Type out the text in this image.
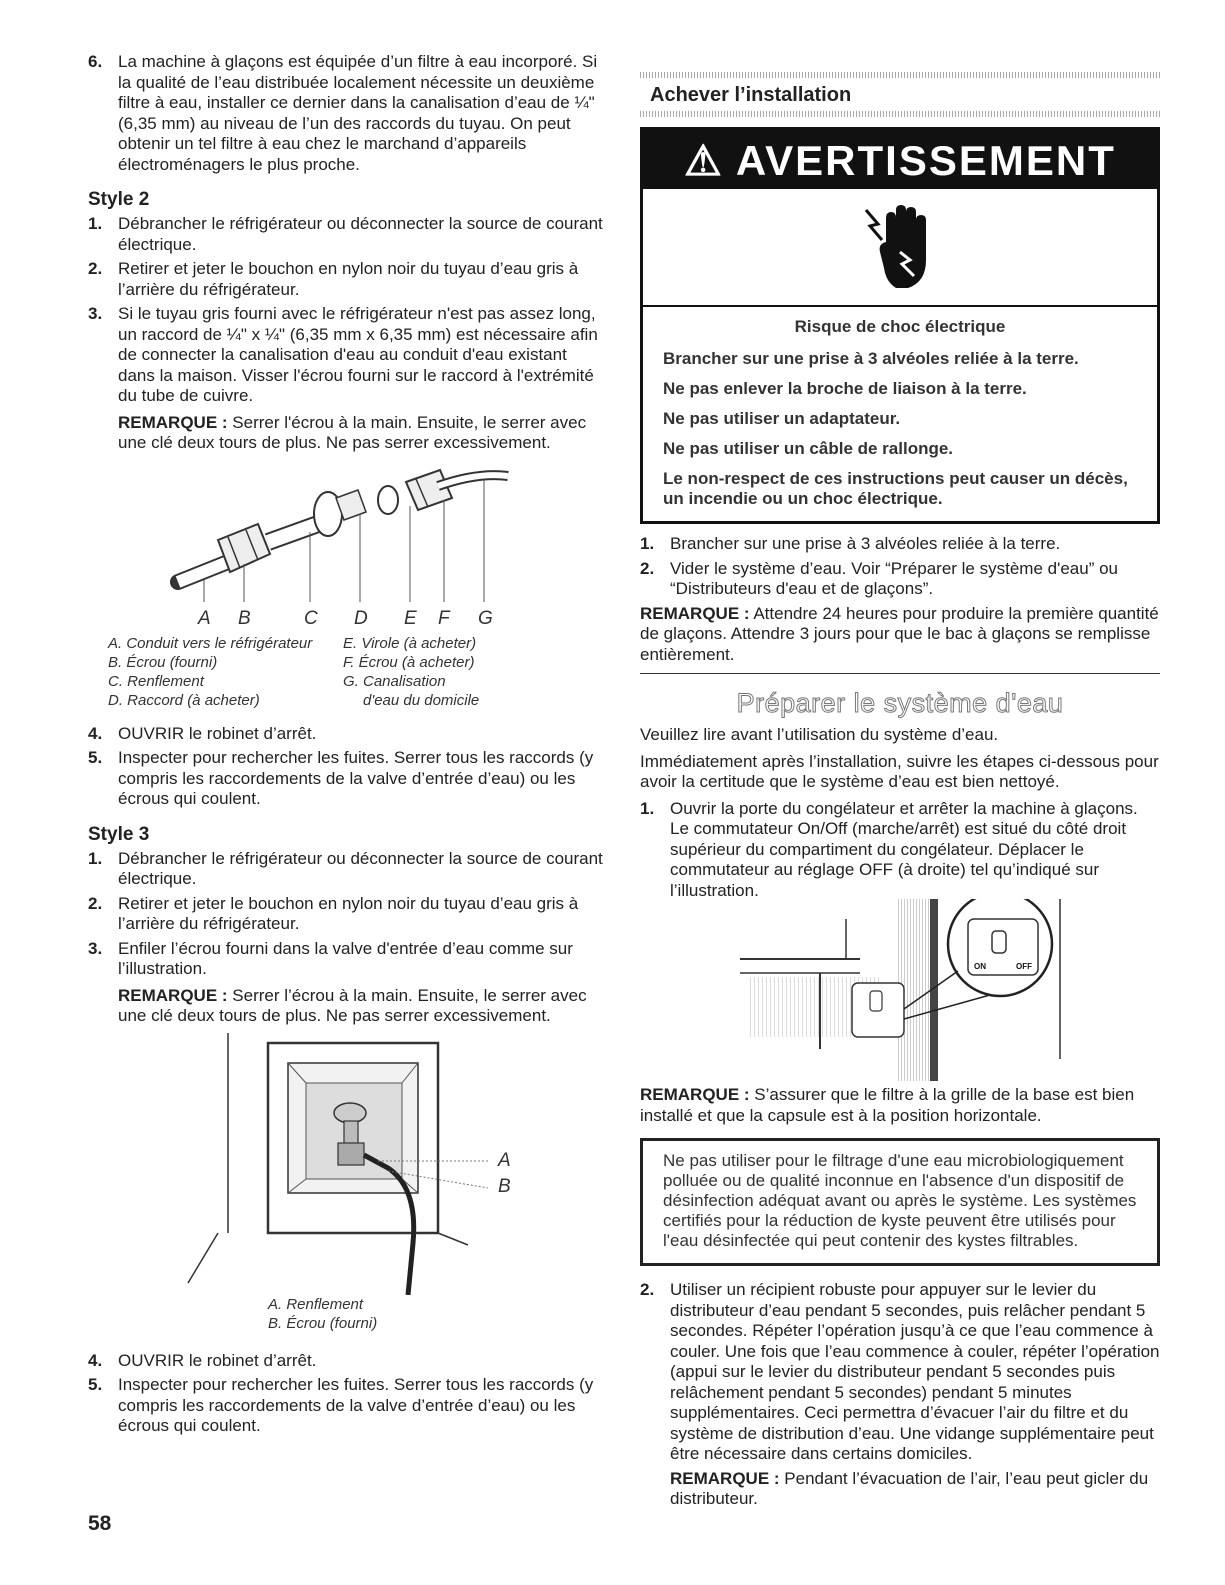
6. La machine à glaçons est équipée d’un filtre à eau incorporé. Si la qualité de l’eau distribuée localement nécessite un deuxième filtre à eau, installer ce dernier dans la canalisation d’eau de ¼" (6,35 mm) au niveau de l’un des raccords du tuyau. On peut obtenir un tel filtre à eau chez le marchand d’appareils électroménagers le plus proche.
Style 2
1. Débrancher le réfrigérateur ou déconnecter la source de courant électrique.
2. Retirer et jeter le bouchon en nylon noir du tuyau d’eau gris à l’arrière du réfrigérateur.
3. Si le tuyau gris fourni avec le réfrigérateur n'est pas assez long, un raccord de ¼" x ¼" (6,35 mm x 6,35 mm) est nécessaire afin de connecter la canalisation d'eau au conduit d'eau existant dans la maison. Visser l'écrou fourni sur le raccord à l'extrémité du tube de cuivre.

REMARQUE : Serrer l'écrou à la main. Ensuite, le serrer avec une clé deux tours de plus. Ne pas serrer excessivement.

A B	C D E F G
A. Conduit vers le réfrigérateur
B. Écrou (fourni)
C. Renflement
D. Raccord (à acheter)
E. Virole (à acheter)
F. Écrou (à acheter)
G. Canalisation
d'eau du domicile
4. OUVRIR le robinet d’arrêt.
5. Inspecter pour rechercher les fuites. Serrer tous les raccords (y compris les raccordements de la valve d’entrée d’eau) ou les écrous qui coulent.
Style 3
1. Débrancher le réfrigérateur ou déconnecter la source de courant électrique.
2. Retirer et jeter le bouchon en nylon noir du tuyau d’eau gris à l’arrière du réfrigérateur.
3. Enfiler l’écrou fourni dans la valve d'entrée d’eau comme sur l’illustration.

REMARQUE : Serrer l’écrou à la main. Ensuite, le serrer avec une clé deux tours de plus. Ne pas serrer excessivement.

A
B
A. Renflement
B. Écrou (fourni)
4. OUVRIR le robinet d’arrêt.
5. Inspecter pour rechercher les fuites. Serrer tous les raccords (y compris les raccordements de la valve d’entrée d’eau) ou les écrous qui coulent.
58
Achever l’installation
⚠ AVERTISSEMENT
Risque de choc électrique
Brancher sur une prise à 3 alvéoles reliée à la terre.
Ne pas enlever la broche de liaison à la terre.
Ne pas utiliser un adaptateur.
Ne pas utiliser un câble de rallonge.
Le non-respect de ces instructions peut causer un décès, un incendie ou un choc électrique.
1. Brancher sur une prise à 3 alvéoles reliée à la terre.
2. Vider le système d’eau. Voir “Préparer le système d'eau” ou “Distributeurs d'eau et de glaçons”.

REMARQUE : Attendre 24 heures pour produire la première quantité de glaçons. Attendre 3 jours pour que le bac à glaçons se remplisse entièrement.

Préparer le système d'eau

Veuillez lire avant l’utilisation du système d’eau.

Immédiatement après l’installation, suivre les étapes ci-dessous pour avoir la certitude que le système d’eau est bien nettoyé.

1. Ouvrir la porte du congélateur et arrêter la machine à glaçons. Le commutateur On/Off (marche/arrêt) est situé du côté droit supérieur du compartiment du congélateur. Déplacer le commutateur au réglage OFF (à droite) tel qu’indiqué sur l’illustration.
ON	OFF

REMARQUE : S’assurer que le filtre à la grille de la base est bien installé et que la capsule est à la position horizontale.

Ne pas utiliser pour le filtrage d'une eau microbiologiquement polluée ou de qualité inconnue en l'absence d'un dispositif de désinfection adéquat avant ou après le système. Les systèmes certifiés pour la réduction de kyste peuvent être utilisés pour l'eau désinfectée qui peut contenir des kystes filtrables.

2. Utiliser un récipient robuste pour appuyer sur le levier du distributeur d’eau pendant 5 secondes, puis relâcher pendant 5 secondes. Répéter l’opération jusqu’à ce que l’eau commence à couler. Une fois que l’eau commence à couler, répéter l’opération (appui sur le levier du distributeur pendant 5 secondes puis relâchement pendant 5 secondes) pendant 5 minutes supplémentaires. Ceci permettra d’évacuer l’air du filtre et du système de distribution d’eau. Une vidange supplémentaire peut être nécessaire dans certains domiciles.

REMARQUE : Pendant l’évacuation de l’air, l’eau peut gicler du distributeur.
